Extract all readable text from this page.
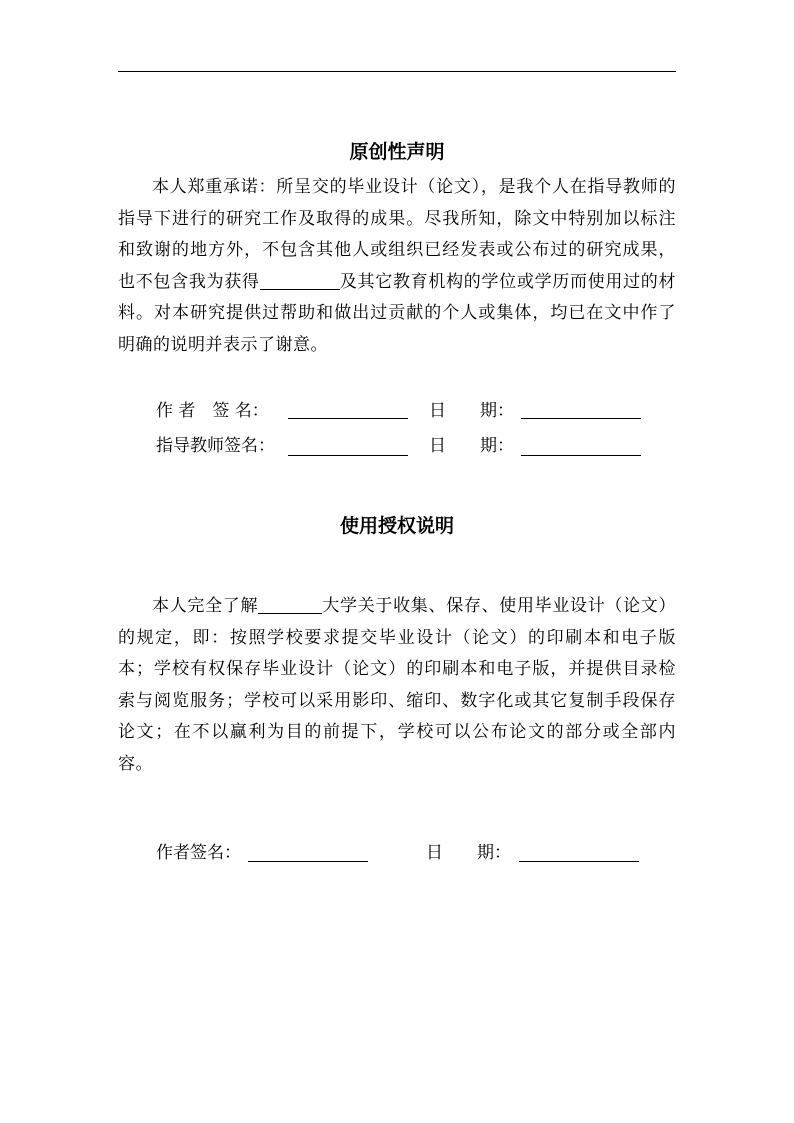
原创性声明

本人郑重承诺：所呈交的毕业设计（论文），是我个人在指导教师的指导下进行的研究工作及取得的成果。尽我所知，除文中特别加以标注和致谢的地方外，不包含其他人或组织已经发表或公布过的研究成果，也不包含我为获得	及其它教育机构的学位或学历而使用过的材料。对本研究提供过帮助和做出过贡献的个人或集体，均已在文中作了明确的说明并表示了谢意。

作 者　签 名：	日　　期：
指导教师签名：	日　　期：
使用授权说明

本人完全了解	大学关于收集、保存、使用毕业设计（论文）的规定，即：按照学校要求提交毕业设计（论文）的印刷本和电子版本；学校有权保存毕业设计（论文）的印刷本和电子版，并提供目录检索与阅览服务；学校可以采用影印、缩印、数字化或其它复制手段保存论文；在不以赢利为目的前提下，学校可以公布论文的部分或全部内容。

作者签名：	日　　期：
